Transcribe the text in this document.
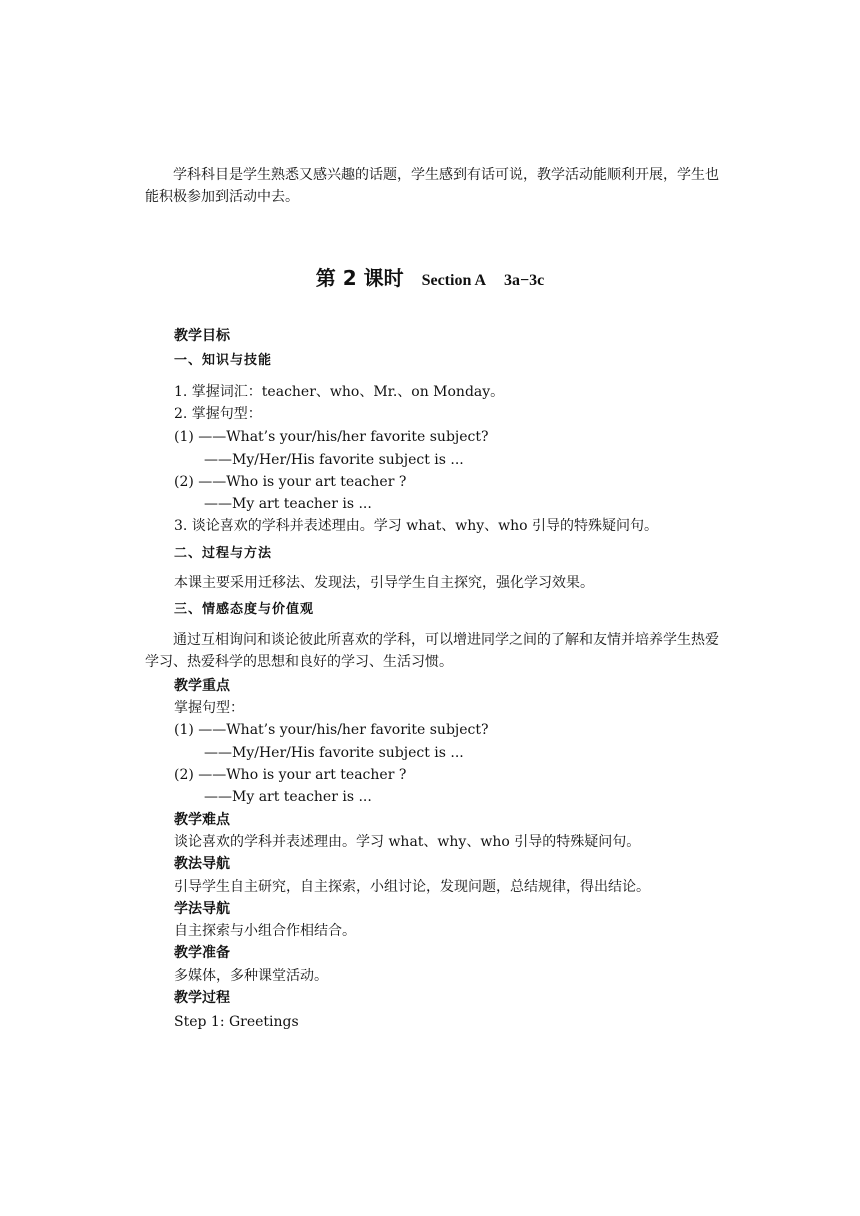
学科科目是学生熟悉又感兴趣的话题，学生感到有话可说，教学活动能顺利开展，学生也能积极参加到活动中去。

第 2 课时 Section A 3a−3c
教学目标
一、知识与技能
1. 掌握词汇：teacher、who、Mr.、on Monday。
2. 掌握句型：
(1) ——What’s your/his/her favorite subject?
——My/Her/His favorite subject is ...
(2) ——Who is your art teacher ?
——My art teacher is ...
3. 谈论喜欢的学科并表述理由。学习 what、why、who 引导的特殊疑问句。
二、过程与方法
本课主要采用迁移法、发现法，引导学生自主探究，强化学习效果。
三、情感态度与价值观

通过互相询问和谈论彼此所喜欢的学科，可以增进同学之间的了解和友情并培养学生热爱学习、热爱科学的思想和良好的学习、生活习惯。

教学重点
掌握句型：
(1) ——What’s your/his/her favorite subject?
——My/Her/His favorite subject is ...
(2) ——Who is your art teacher ?
——My art teacher is ...
教学难点
谈论喜欢的学科并表述理由。学习 what、why、who 引导的特殊疑问句。
教法导航
引导学生自主研究，自主探索，小组讨论，发现问题，总结规律，得出结论。
学法导航
自主探索与小组合作相结合。
教学准备
多媒体，多种课堂活动。
教学过程
Step 1: Greetings
